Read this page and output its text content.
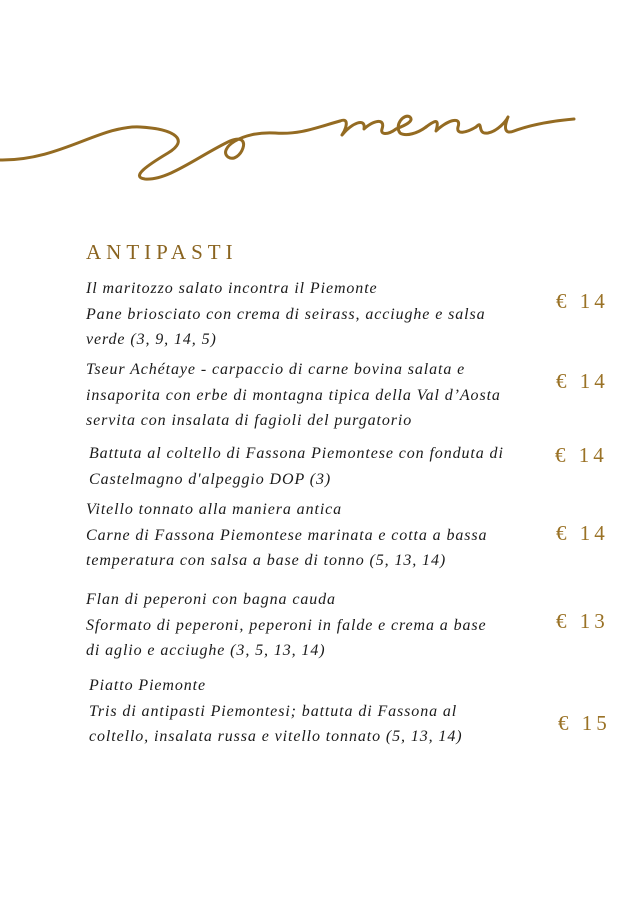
ANTIPASTI

Il maritozzo salato incontra il Piemonte
Pane briosciato con crema di seirass, acciughe e salsa
verde (3, 9, 14, 5)

€ 14

Tseur Achétaye - carpaccio di carne bovina salata e
insaporita con erbe di montagna tipica della Val d’Aosta
servita con insalata di fagioli del purgatorio

€ 14

Battuta al coltello di Fassona Piemontese con fonduta di
Castelmagno d'alpeggio DOP (3)

€ 14

Vitello tonnato alla maniera antica
Carne di Fassona Piemontese marinata e cotta a bassa
temperatura con salsa a base di tonno (5, 13, 14)

€ 14

Flan di peperoni con bagna cauda
Sformato di peperoni, peperoni in falde e crema a base
di aglio e acciughe (3, 5, 13, 14)

€ 13

Piatto Piemonte
Tris di antipasti Piemontesi; battuta di Fassona al
coltello, insalata russa e vitello tonnato (5, 13, 14)

€ 15
